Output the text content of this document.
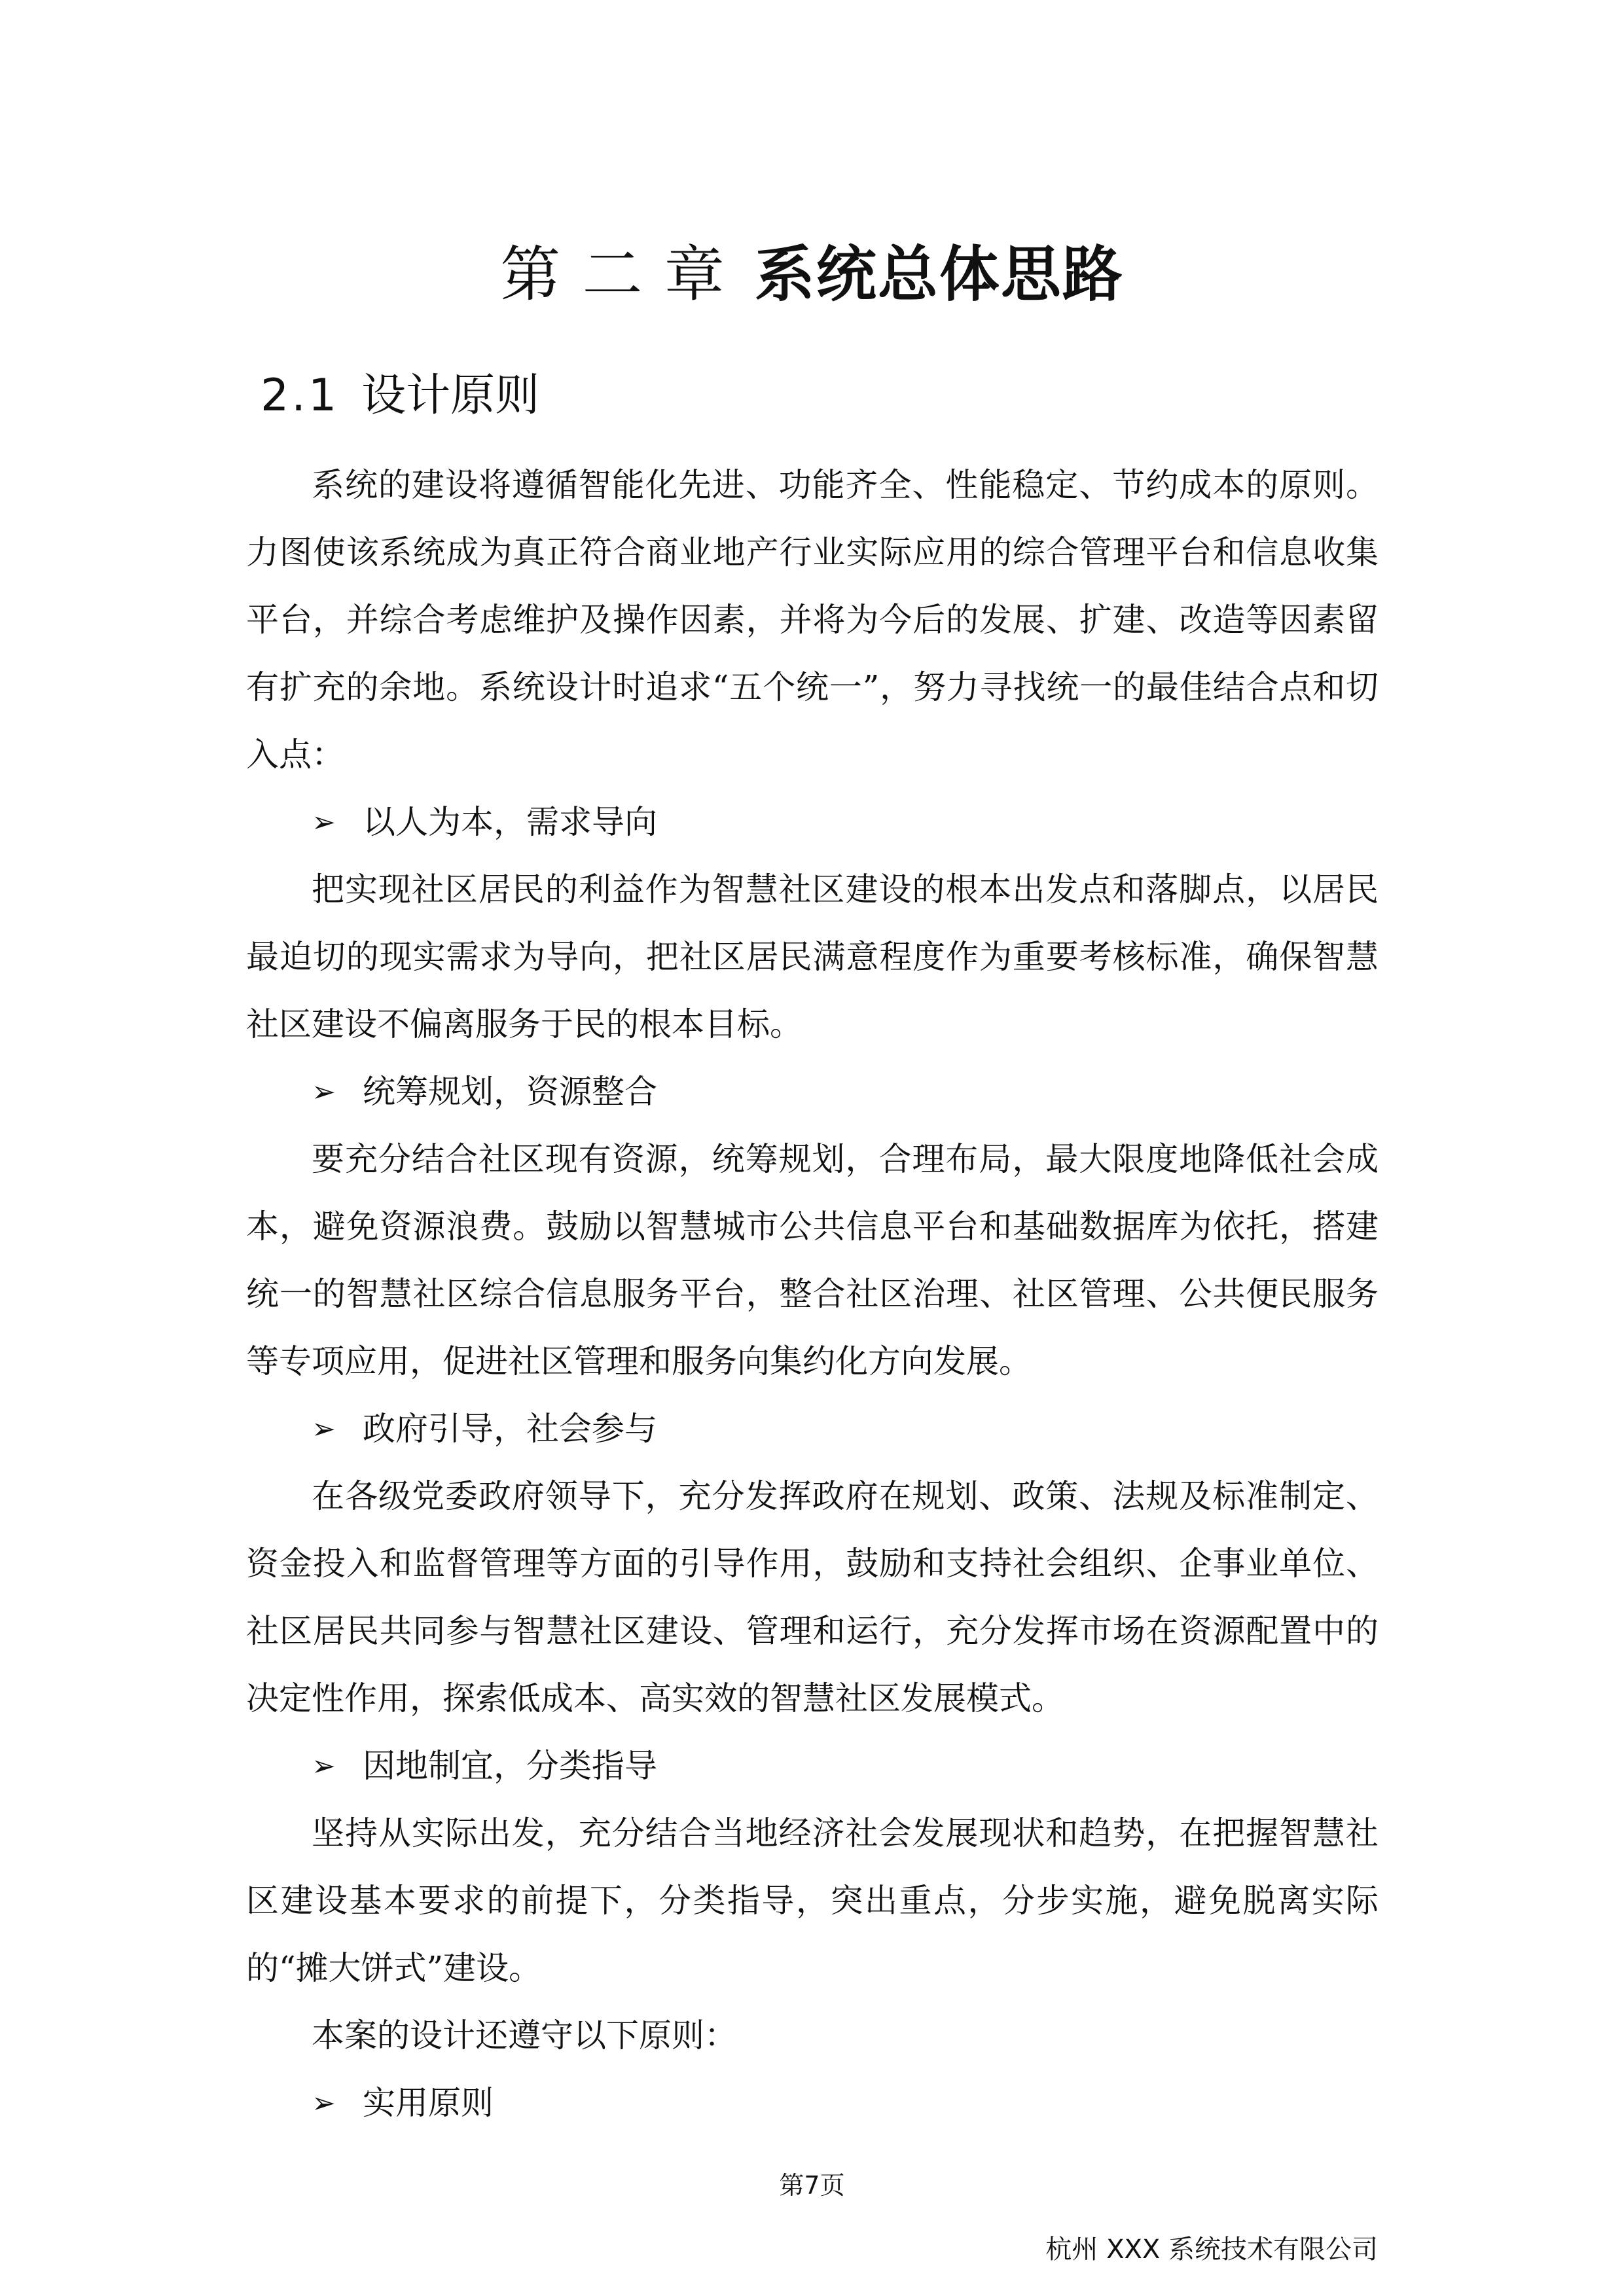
第 二 章 系统总体思路
2.1 设计原则

系统的建设将遵循智能化先进、功能齐全、性能稳定、节约成本的原则。力图使该系统成为真正符合商业地产行业实际应用的综合管理平台和信息收集平台，并综合考虑维护及操作因素，并将为今后的发展、扩建、改造等因素留有扩充的余地。系统设计时追求“五个统一”，努力寻找统一的最佳结合点和切入点：

➢ 以人为本，需求导向

把实现社区居民的利益作为智慧社区建设的根本出发点和落脚点，以居民最迫切的现实需求为导向，把社区居民满意程度作为重要考核标准，确保智慧社区建设不偏离服务于民的根本目标。

➢ 统筹规划，资源整合

要充分结合社区现有资源，统筹规划，合理布局，最大限度地降低社会成本，避免资源浪费。鼓励以智慧城市公共信息平台和基础数据库为依托，搭建统一的智慧社区综合信息服务平台，整合社区治理、社区管理、公共便民服务等专项应用，促进社区管理和服务向集约化方向发展。

➢ 政府引导，社会参与

在各级党委政府领导下，充分发挥政府在规划、政策、法规及标准制定、资金投入和监督管理等方面的引导作用，鼓励和支持社会组织、企事业单位、社区居民共同参与智慧社区建设、管理和运行，充分发挥市场在资源配置中的决定性作用，探索低成本、高实效的智慧社区发展模式。

➢ 因地制宜，分类指导

坚持从实际出发，充分结合当地经济社会发展现状和趋势，在把握智慧社区建设基本要求的前提下，分类指导，突出重点，分步实施，避免脱离实际的“摊大饼式”建设。

本案的设计还遵守以下原则：

➢ 实用原则
第7页
杭州 XXX 系统技术有限公司
